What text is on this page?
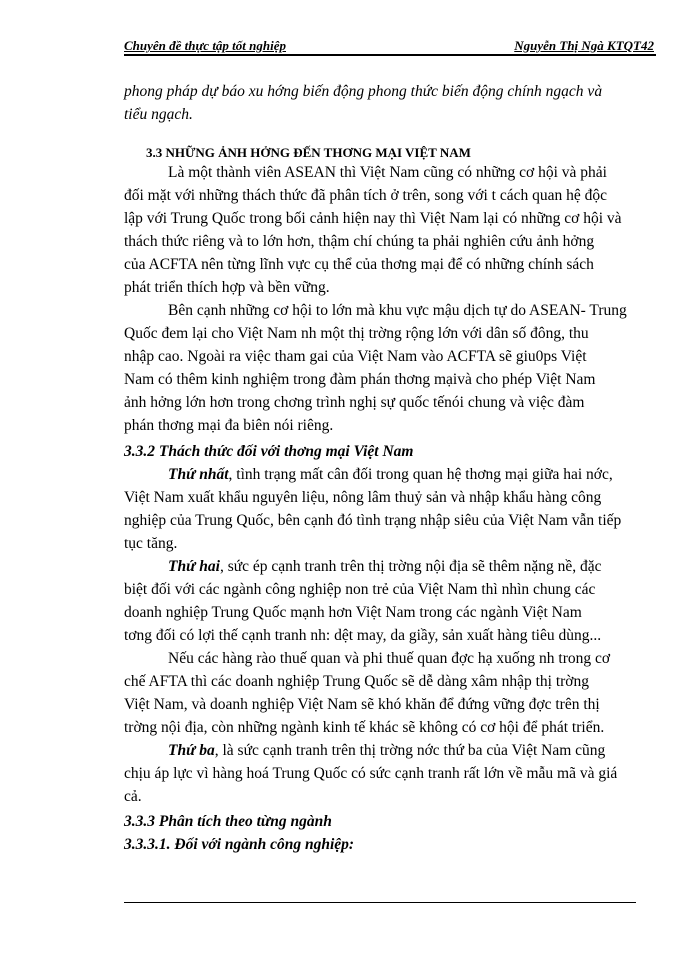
Chuyên đề thực tập tốt nghiệp	Nguyễn Thị Ngà KTQT42
phong pháp dự báo xu hớng biến động phong thức biến động chính ngạch và
tiểu ngạch.
3.3 NHỮNG ẢNH HỞNG ĐẾN THƠNG MẠI VIỆT NAM
Là một thành viên ASEAN thì Việt Nam cũng có những cơ hội và phải
đối mặt với những thách thức đã phân tích ở trên, song với t cách quan hệ độc
lập với Trung Quốc trong bối cảnh hiện nay thì Việt Nam lại có những cơ hội và
thách thức riêng và to lớn hơn, thậm chí chúng ta phải nghiên cứu ảnh hởng
của ACFTA nên từng lĩnh vực cụ thể của thơng mại để có những chính sách
phát triển thích hợp và bền vững.
Bên cạnh những cơ hội to lớn mà khu vực mậu dịch tự do ASEAN- Trung
Quốc đem lại cho Việt Nam nh một thị trờng rộng lớn với dân số đông, thu
nhập cao. Ngoài ra việc tham gai của Việt Nam vào ACFTA sẽ giu0ps Việt
Nam có thêm kinh nghiệm trong đàm phán thơng mạivà cho phép Việt Nam
ảnh hởng lớn hơn trong chơng trình nghị sự quốc tếnói chung và việc đàm
phán thơng mại đa biên nói riêng.
3.3.2 Thách thức đối với thơng mại Việt Nam
Thứ nhất, tình trạng mất cân đối trong quan hệ thơng mại giữa hai nớc,
Việt Nam xuất khẩu nguyên liệu, nông lâm thuỷ sản và nhập khẩu hàng công
nghiệp của Trung Quốc, bên cạnh đó tình trạng nhập siêu của Việt Nam vẫn tiếp
tục tăng.
Thứ hai, sức ép cạnh tranh trên thị trờng nội địa sẽ thêm nặng nề, đặc
biệt đối với các ngành công nghiệp non trẻ của Việt Nam thì nhìn chung các
doanh nghiệp Trung Quốc mạnh hơn Việt Nam trong các ngành Việt Nam
tơng đối có lợi thế cạnh tranh nh: dệt may, da giầy, sản xuất hàng tiêu dùng...
Nếu các hàng rào thuế quan và phi thuế quan đợc hạ xuống nh trong cơ
chế AFTA thì các doanh nghiệp Trung Quốc sẽ dễ dàng xâm nhập thị trờng
Việt Nam, và doanh nghiệp Việt Nam sẽ khó khăn để đứng vững đợc trên thị
trờng nội địa, còn những ngành kinh tế khác sẽ không có cơ hội để phát triển.
Thứ ba, là sức cạnh tranh trên thị trờng nớc thứ ba của Việt Nam cũng
chịu áp lực vì hàng hoá Trung Quốc có sức cạnh tranh rất lớn về mẫu mã và giá
cả.
3.3.3 Phân tích theo từng ngành
3.3.3.1. Đối với ngành công nghiệp:
